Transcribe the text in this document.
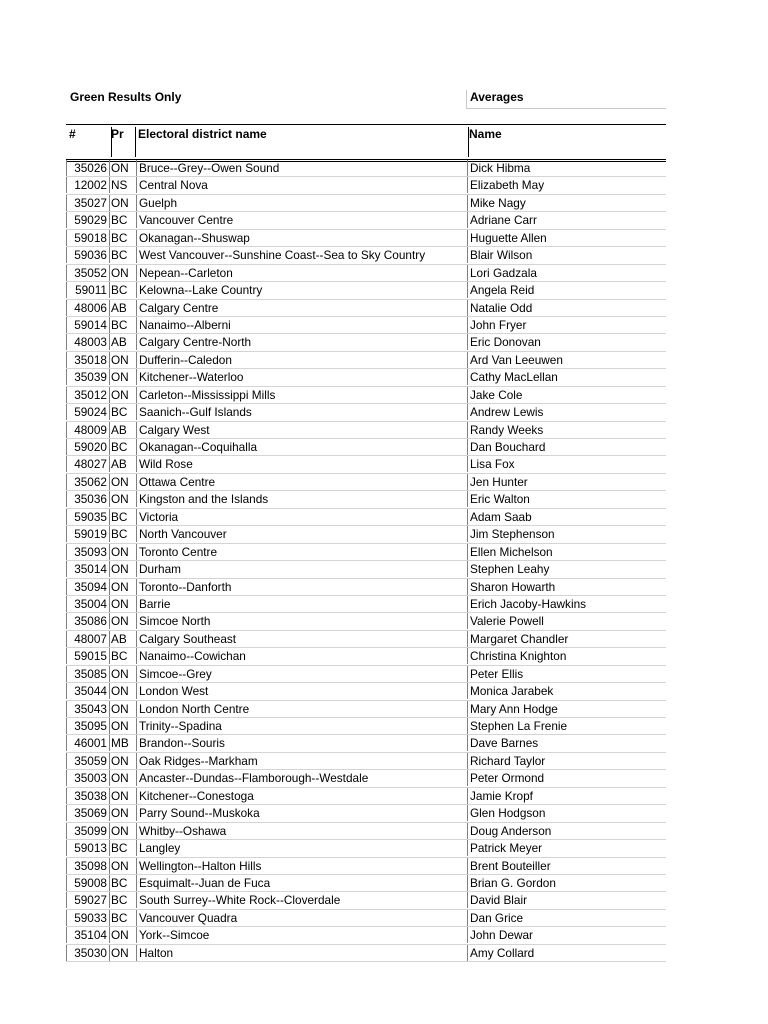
Green Results Only	Averages
#	Pr	Electoral district name	Name
35026 ON Bruce--Grey--Owen Sound	Dick Hibma
12002 NS Central Nova	Elizabeth May
35027 ON Guelph	Mike Nagy
59029 BC Vancouver Centre	Adriane Carr
59018 BC Okanagan--Shuswap	Huguette Allen
59036 BC West Vancouver--Sunshine Coast--Sea to Sky Country	Blair Wilson
35052 ON Nepean--Carleton	Lori Gadzala
59011 BC Kelowna--Lake Country	Angela Reid
48006 AB	Calgary Centre	Natalie Odd
59014 BC Nanaimo--Alberni	John Fryer
48003 AB	Calgary Centre-North	Eric Donovan
35018 ON Dufferin--Caledon	Ard Van Leeuwen
35039 ON Kitchener--Waterloo	Cathy MacLellan
35012 ON Carleton--Mississippi Mills	Jake Cole
59024 BC Saanich--Gulf Islands	Andrew Lewis
48009 AB	Calgary West	Randy Weeks
59020 BC Okanagan--Coquihalla	Dan Bouchard
48027 AB	Wild Rose	Lisa Fox
35062 ON Ottawa Centre	Jen Hunter
35036 ON Kingston and the Islands	Eric Walton
59035 BC Victoria	Adam Saab
59019 BC North Vancouver	Jim Stephenson
35093 ON Toronto Centre	Ellen Michelson
35014 ON Durham	Stephen Leahy
35094 ON Toronto--Danforth	Sharon Howarth
35004 ON Barrie	Erich Jacoby-Hawkins
35086 ON Simcoe North	Valerie Powell
48007 AB	Calgary Southeast	Margaret Chandler
59015 BC Nanaimo--Cowichan	Christina Knighton
35085 ON Simcoe--Grey	Peter Ellis
35044 ON London West	Monica Jarabek
35043 ON London North Centre	Mary Ann Hodge
35095 ON Trinity--Spadina	Stephen La Frenie
46001 MB Brandon--Souris	Dave Barnes
35059 ON Oak Ridges--Markham	Richard Taylor
35003 ON Ancaster--Dundas--Flamborough--Westdale	Peter Ormond
35038 ON Kitchener--Conestoga	Jamie Kropf
35069 ON Parry Sound--Muskoka	Glen Hodgson
35099 ON Whitby--Oshawa	Doug Anderson
59013 BC Langley	Patrick Meyer
35098 ON Wellington--Halton Hills	Brent Bouteiller
59008 BC Esquimalt--Juan de Fuca	Brian G. Gordon
59027 BC South Surrey--White Rock--Cloverdale	David Blair
59033 BC Vancouver Quadra	Dan Grice
35104 ON York--Simcoe	John Dewar
35030 ON Halton	Amy Collard
